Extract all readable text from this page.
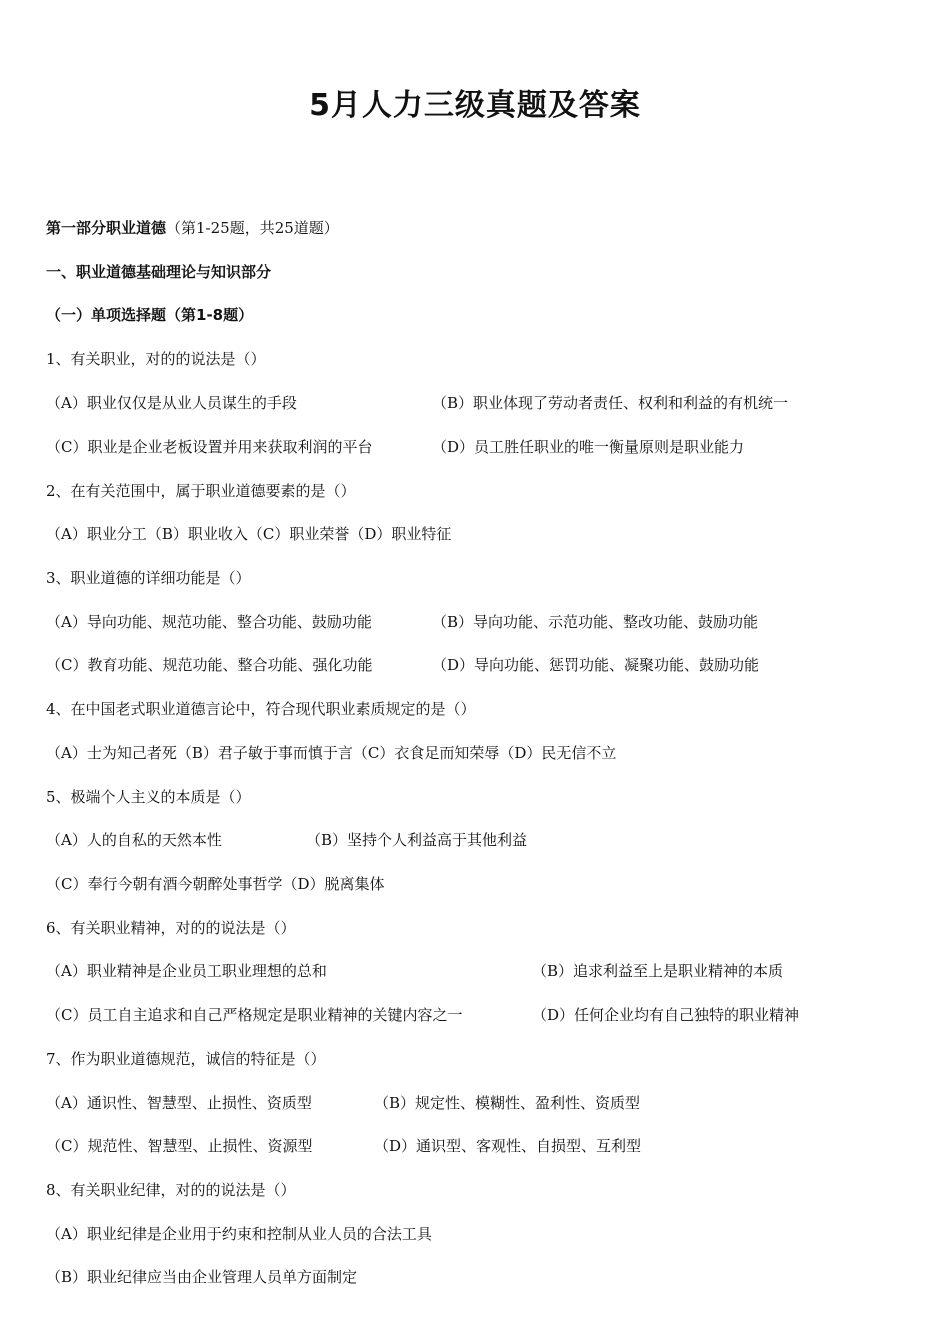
5月人力三级真题及答案

第一部分职业道德（第1-25题，共25道题）

一、职业道德基础理论与知识部分

（一）单项选择题（第1-8题）

1、有关职业，对的的说法是（）

（A）职业仅仅是从业人员谋生的手段	（B）职业体现了劳动者责任、权利和利益的有机统一

（C）职业是企业老板设置并用来获取利润的平台	（D）员工胜任职业的唯一衡量原则是职业能力

2、在有关范围中，属于职业道德要素的是（）

（A）职业分工（B）职业收入（C）职业荣誉（D）职业特征

3、职业道德的详细功能是（）

（A）导向功能、规范功能、整合功能、鼓励功能	（B）导向功能、示范功能、整改功能、鼓励功能

（C）教育功能、规范功能、整合功能、强化功能	（D）导向功能、惩罚功能、凝聚功能、鼓励功能

4、在中国老式职业道德言论中，符合现代职业素质规定的是（）

（A）士为知己者死（B）君子敏于事而慎于言（C）衣食足而知荣辱（D）民无信不立

5、极端个人主义的本质是（）

（A）人的自私的天然本性	（B）坚持个人利益高于其他利益

（C）奉行今朝有酒今朝醉处事哲学（D）脱离集体

6、有关职业精神，对的的说法是（）

（A）职业精神是企业员工职业理想的总和	（B）追求利益至上是职业精神的本质

（C）员工自主追求和自己严格规定是职业精神的关键内容之一	（D）任何企业均有自己独特的职业精神

7、作为职业道德规范，诚信的特征是（）

（A）通识性、智慧型、止损性、资质型	（B）规定性、模糊性、盈利性、资质型

（C）规范性、智慧型、止损性、资源型	（D）通识型、客观性、自损型、互利型

8、有关职业纪律，对的的说法是（）

（A）职业纪律是企业用于约束和控制从业人员的合法工具

（B）职业纪律应当由企业管理人员单方面制定
